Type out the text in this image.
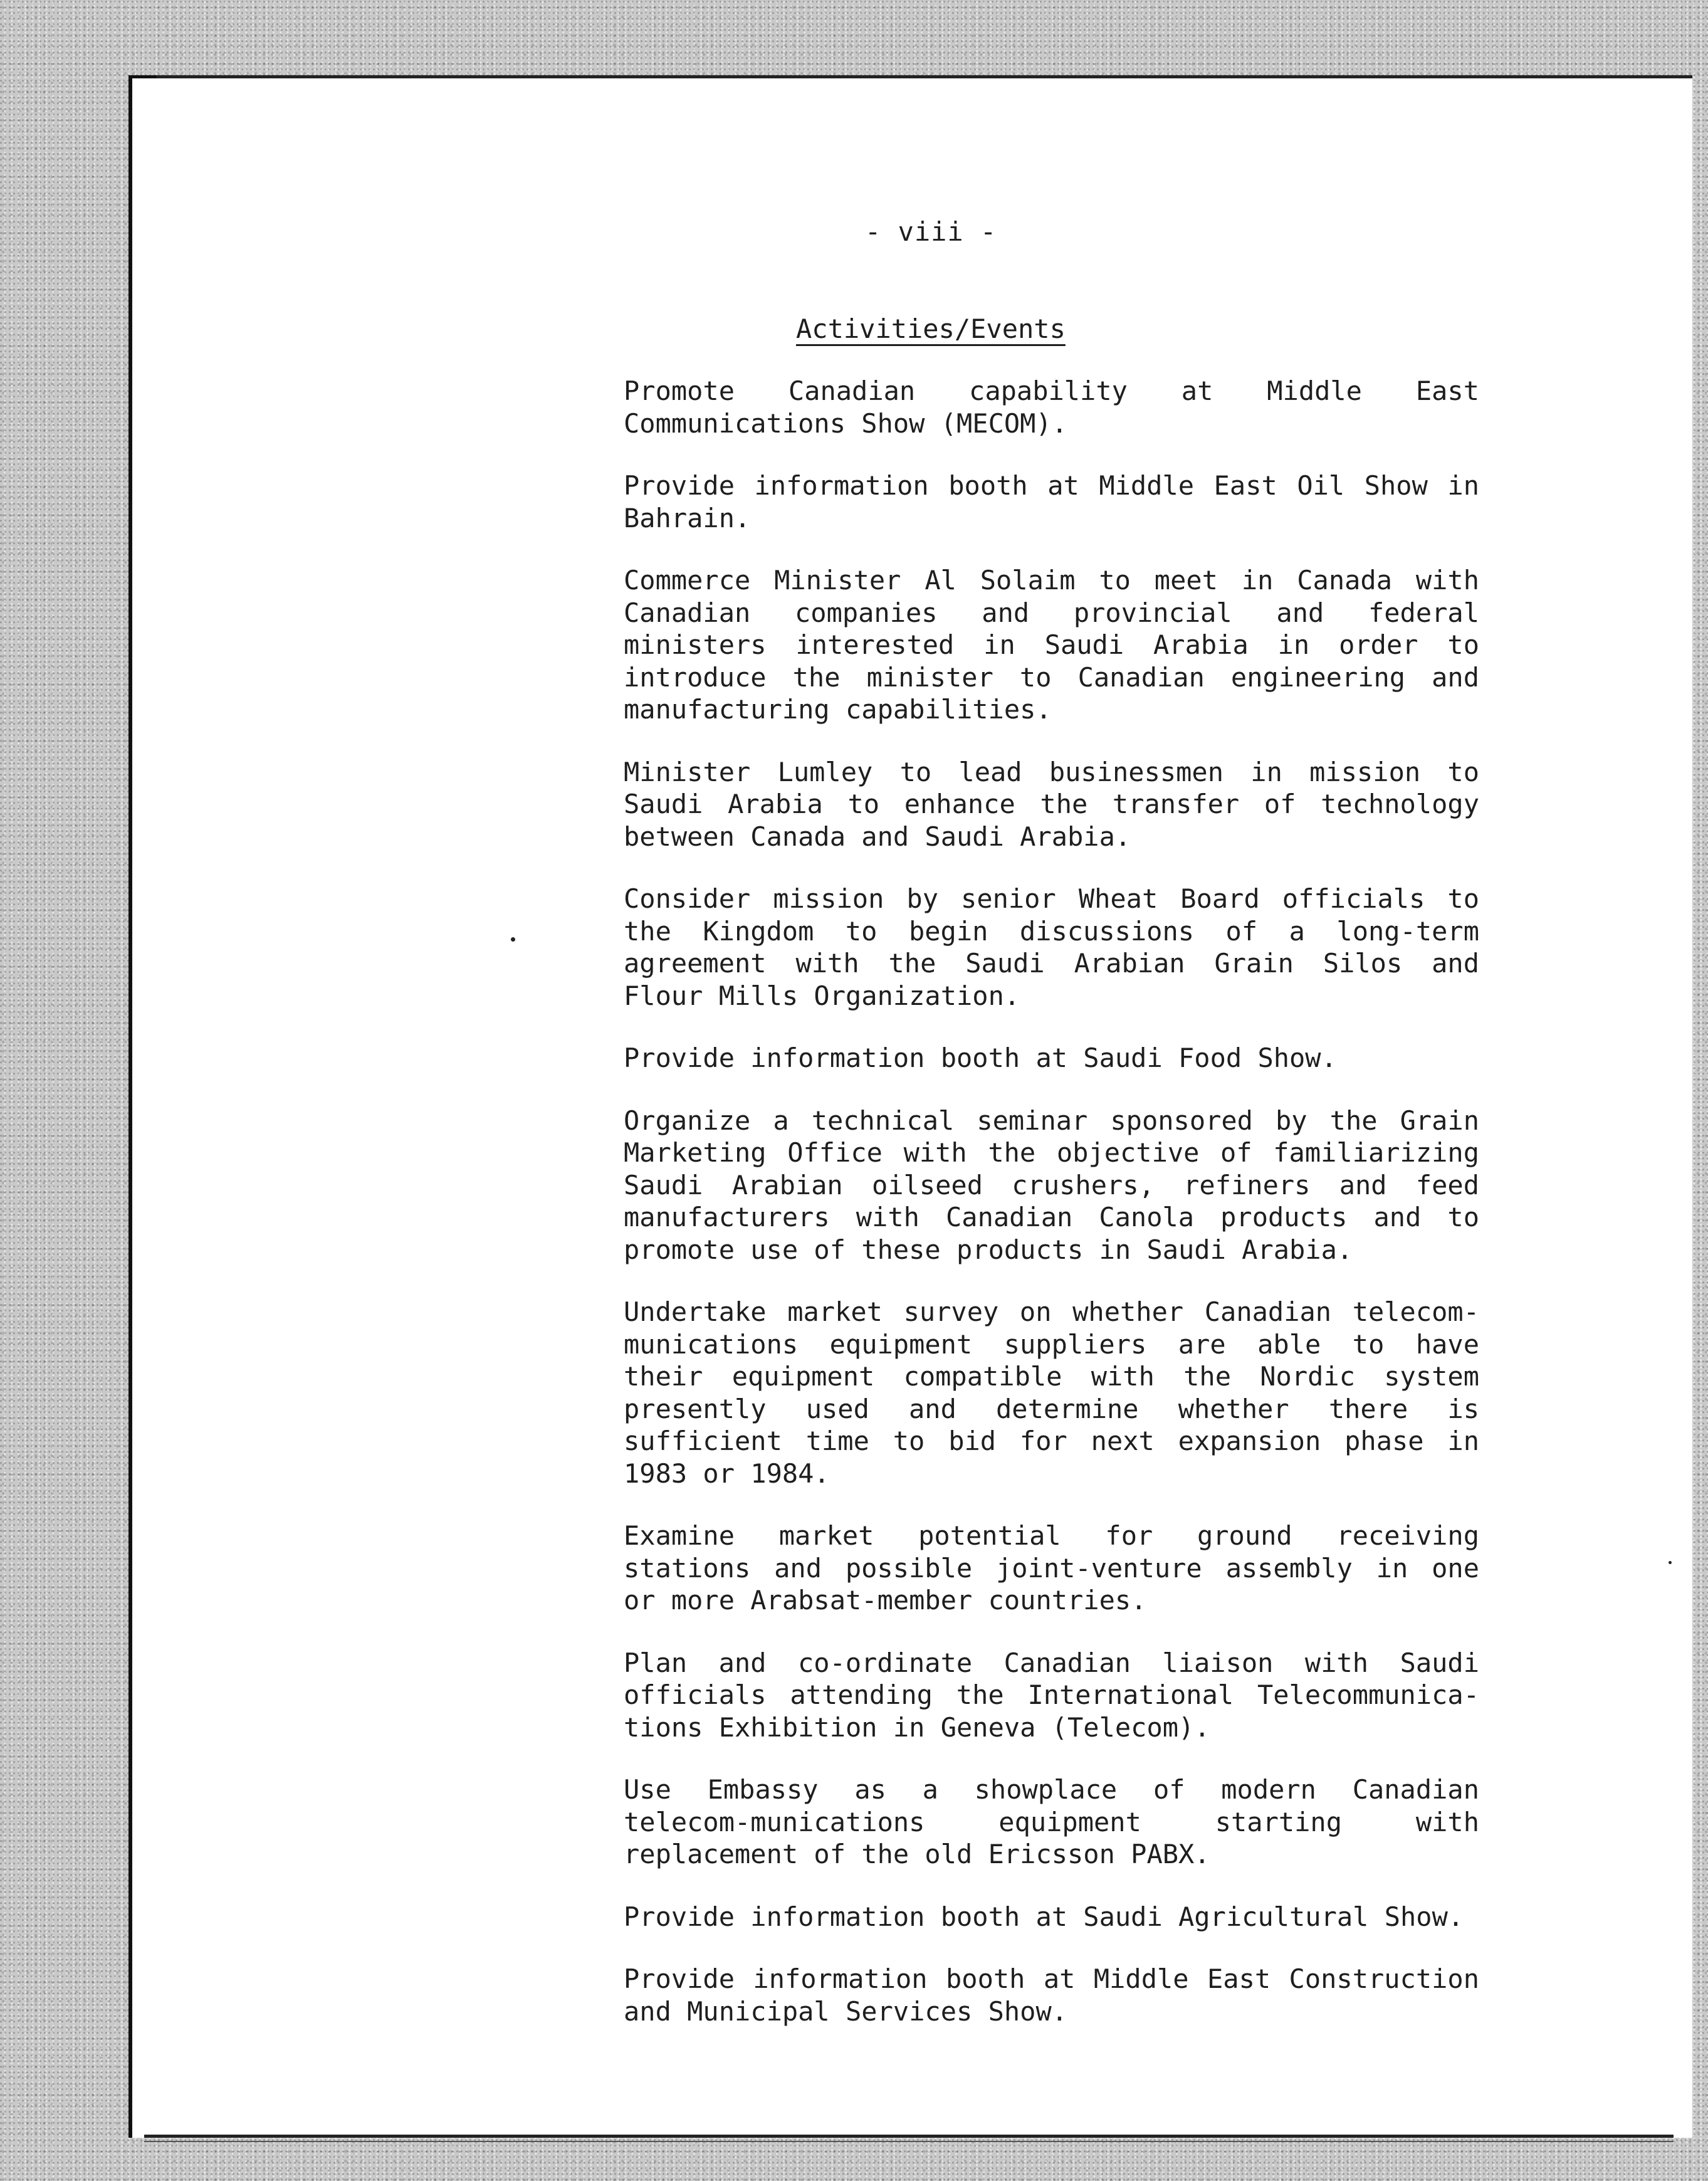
- viii -
Activities/Events
Promote Canadian capability at Middle East Communications Show (MECOM).
Provide information booth at Middle East Oil Show in Bahrain.
Commerce Minister Al Solaim to meet in Canada with Canadian companies and provincial and federal ministers interested in Saudi Arabia in order to introduce the minister to Canadian engineering and manufacturing capabilities.
Minister Lumley to lead businessmen in mission to Saudi Arabia to enhance the transfer of technology between Canada and Saudi Arabia.
Consider mission by senior Wheat Board officials to the Kingdom to begin discussions of a long-term agreement with the Saudi Arabian Grain Silos and Flour Mills Organization.
Provide information booth at Saudi Food Show.
Organize a technical seminar sponsored by the Grain Marketing Office with the objective of familiarizing Saudi Arabian oilseed crushers, refiners and feed manufacturers with Canadian Canola products and to promote use of these products in Saudi Arabia.
Undertake market survey on whether Canadian telecom-munications equipment suppliers are able to have their equipment compatible with the Nordic system presently used and determine whether there is sufficient time to bid for next expansion phase in 1983 or 1984.
Examine market potential for ground receiving stations and possible joint-venture assembly in one or more Arabsat-member countries.
Plan and co-ordinate Canadian liaison with Saudi officials attending the International Telecommunica-tions Exhibition in Geneva (Telecom).
Use Embassy as a showplace of modern Canadian telecom-munications equipment starting with replacement of the old Ericsson PABX.
Provide information booth at Saudi Agricultural Show.
Provide information booth at Middle East Construction and Municipal Services Show.
